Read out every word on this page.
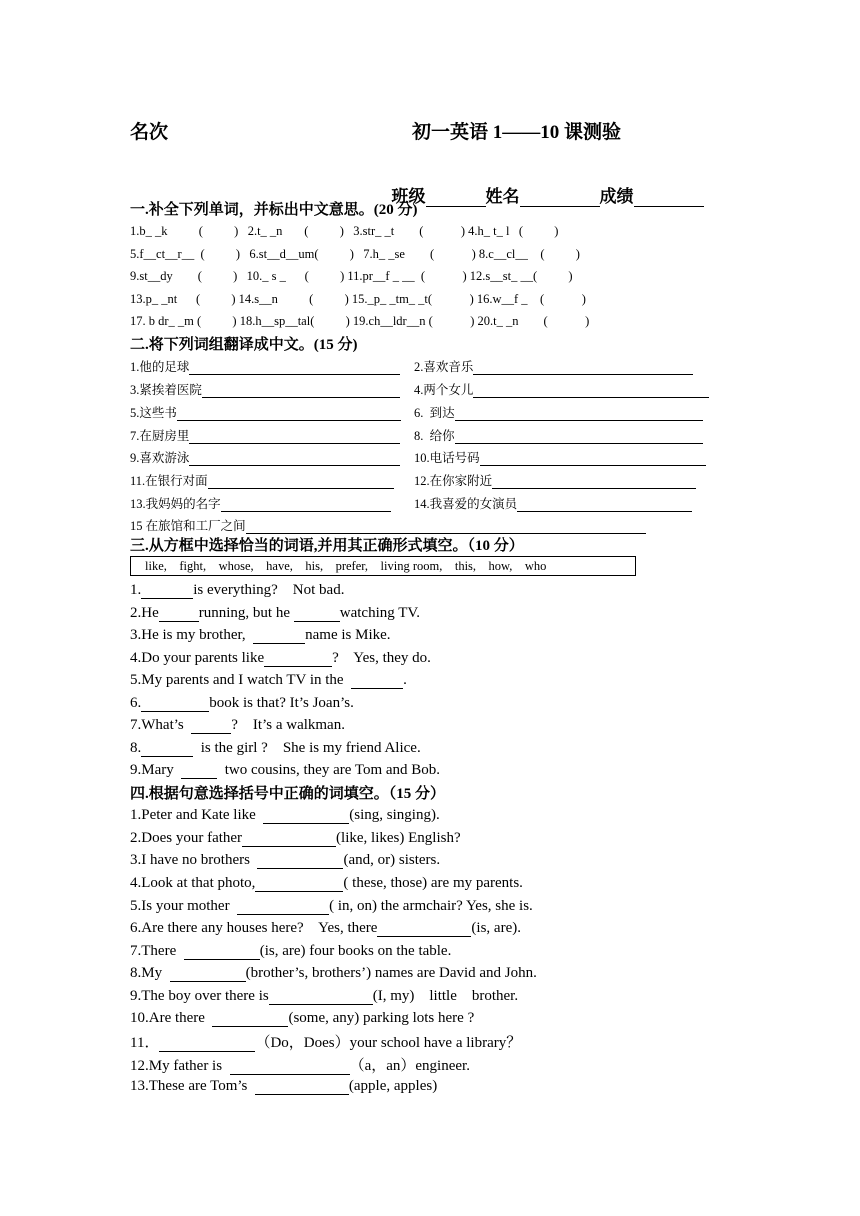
名次	初一英语 1——10 课测验

班级	姓名	成绩

一.补全下列单词，并标出中文意思。(20 分)
1.b_ _k          (          )   2.t_ _n       (          )   3.str_ _t        (            ) 4.h_ t_ l   (          )
5.f__ct__r__  (          )   6.st__d__um(          )   7.h_ _se        (            ) 8.c__cl__    (          )
9.st__dy        (          )   10._ s _      (          ) 11.pr__f _ __  (            ) 12.s__st_ __(          )
13.p_ _nt      (          ) 14.s__n          (          ) 15._p_ _tm_ _t(            ) 16.w__f _    (            )
17. b dr_ _m (          ) 18.h__sp__tal(          ) 19.ch__ldr__n (            ) 20.t_ _n        (            )
二.将下列词组翻译成中文。(15 分)
1.他的足球	2.喜欢音乐
3.紧挨着医院	4.两个女儿
5.这些书	6.  到达
7.在厨房里	8.  给你
9.喜欢游泳	10.电话号码
11.在银行对面	12.在你家附近
13.我妈妈的名字	14.我喜爱的女演员
15 在旅馆和工厂之间
三.从方框中选择恰当的词语,并用其正确形式填空。（10 分）
like,    fight,    whose,    have,    his,    prefer,    living room,    this,    how,    who
1.	is everything?    Not bad.
2.He	running, but he	watching TV.
3.He is my brother,	name is Mike.
4.Do your parents like	?    Yes, they do.
5.My parents and I watch TV in the	.
6.	book is that? It’s Joan’s.
7.What’s	?    It’s a walkman.
8.	is the girl ?    She is my friend Alice.
9.Mary    two cousins, they are Tom and Bob.
四.根据句意选择括号中正确的词填空。（15 分）
1.Peter and Kate like	(sing, singing).
2.Does your father	(like, likes) English?
3.I have no brothers	(and, or) sisters.
4.Look at that photo,	( these, those) are my parents.
5.Is your mother	( in, on) the armchair? Yes, she is.
6.Are there any houses here?    Yes, there	(is, are).
7.There	(is, are) four books on the table.
8.My	(brother’s, brothers’) names are David and John.
9.The boy over there is	(I, my)    little    brother.
10.Are there	(some, any) parking lots here ?
11．	（Do，Does）your school have a library？
12.My father is	（a，an）engineer.
13.These are Tom’s	(apple, apples)
